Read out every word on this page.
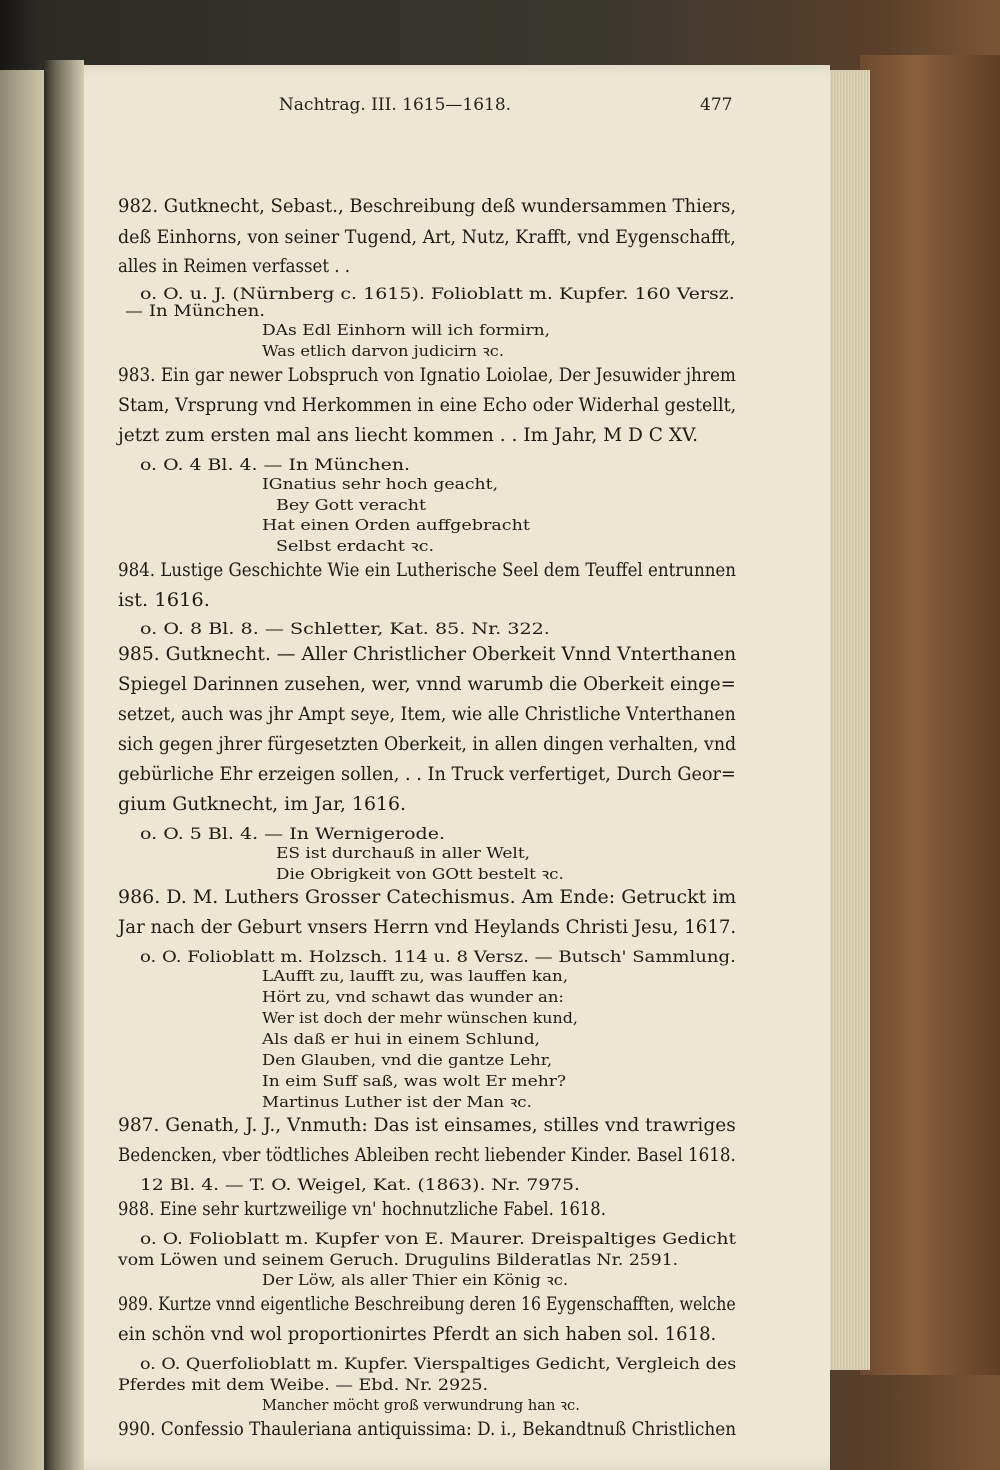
Nachtrag. III. 1615—1618.	477
982. Gutknecht, Sebast., Beschreibung deß wundersammen Thiers,
deß Einhorns, von seiner Tugend, Art, Nutz, Krafft, vnd Eygenschafft,
alles in Reimen verfasset . .
o. O. u. J. (Nürnberg c. 1615). Folioblatt m. Kupfer. 160 Versz.
— In München.
DAs Edl Einhorn will ich formirn,
Was etlich darvon judicirn ꝛc.
983. Ein gar newer Lobspruch von Ignatio Loiolae, Der Jesuwider jhrem
Stam, Vrsprung vnd Herkommen in eine Echo oder Widerhal gestellt,
jetzt zum ersten mal ans liecht kommen . . Im Jahr, M D C XV.
o. O. 4 Bl. 4. — In München.
IGnatius sehr hoch geacht,
Bey Gott veracht
Hat einen Orden auffgebracht
Selbst erdacht ꝛc.
984. Lustige Geschichte Wie ein Lutherische Seel dem Teuffel entrunnen
ist. 1616.
o. O. 8 Bl. 8. — Schletter, Kat. 85. Nr. 322.
985. Gutknecht. — Aller Christlicher Oberkeit Vnnd Vnterthanen
Spiegel Darinnen zusehen, wer, vnnd warumb die Oberkeit einge=
setzet, auch was jhr Ampt seye, Item, wie alle Christliche Vnterthanen
sich gegen jhrer fürgesetzten Oberkeit, in allen dingen verhalten, vnd
gebürliche Ehr erzeigen sollen, . . In Truck verfertiget, Durch Geor=
gium Gutknecht, im Jar, 1616.
o. O. 5 Bl. 4. — In Wernigerode.
ES ist durchauß in aller Welt,
Die Obrigkeit von GOtt bestelt ꝛc.
986. D. M. Luthers Grosser Catechismus. Am Ende: Getruckt im
Jar nach der Geburt vnsers Herrn vnd Heylands Christi Jesu, 1617.
o. O. Folioblatt m. Holzsch. 114 u. 8 Versz. — Butsch' Sammlung.
LAufft zu, laufft zu, was lauffen kan,
Hört zu, vnd schawt das wunder an:
Wer ist doch der mehr wünschen kund,
Als daß er hui in einem Schlund,
Den Glauben, vnd die gantze Lehr,
In eim Suff saß, was wolt Er mehr?
Martinus Luther ist der Man ꝛc.
987. Genath, J. J., Vnmuth: Das ist einsames, stilles vnd trawriges
Bedencken, vber tödtliches Ableiben recht liebender Kinder. Basel 1618.
12 Bl. 4. — T. O. Weigel, Kat. (1863). Nr. 7975.
988. Eine sehr kurtzweilige vn' hochnutzliche Fabel. 1618.
o. O. Folioblatt m. Kupfer von E. Maurer. Dreispaltiges Gedicht
vom Löwen und seinem Geruch. Drugulins Bilderatlas Nr. 2591.
Der Löw, als aller Thier ein König ꝛc.
989. Kurtze vnnd eigentliche Beschreibung deren 16 Eygenschafften, welche
ein schön vnd wol proportionirtes Pferdt an sich haben sol. 1618.
o. O. Querfolioblatt m. Kupfer. Vierspaltiges Gedicht, Vergleich des
Pferdes mit dem Weibe. — Ebd. Nr. 2925.
Mancher möcht groß verwundrung han ꝛc.
990. Confessio Thauleriana antiquissima: D. i., Bekandtnuß Christlichen
